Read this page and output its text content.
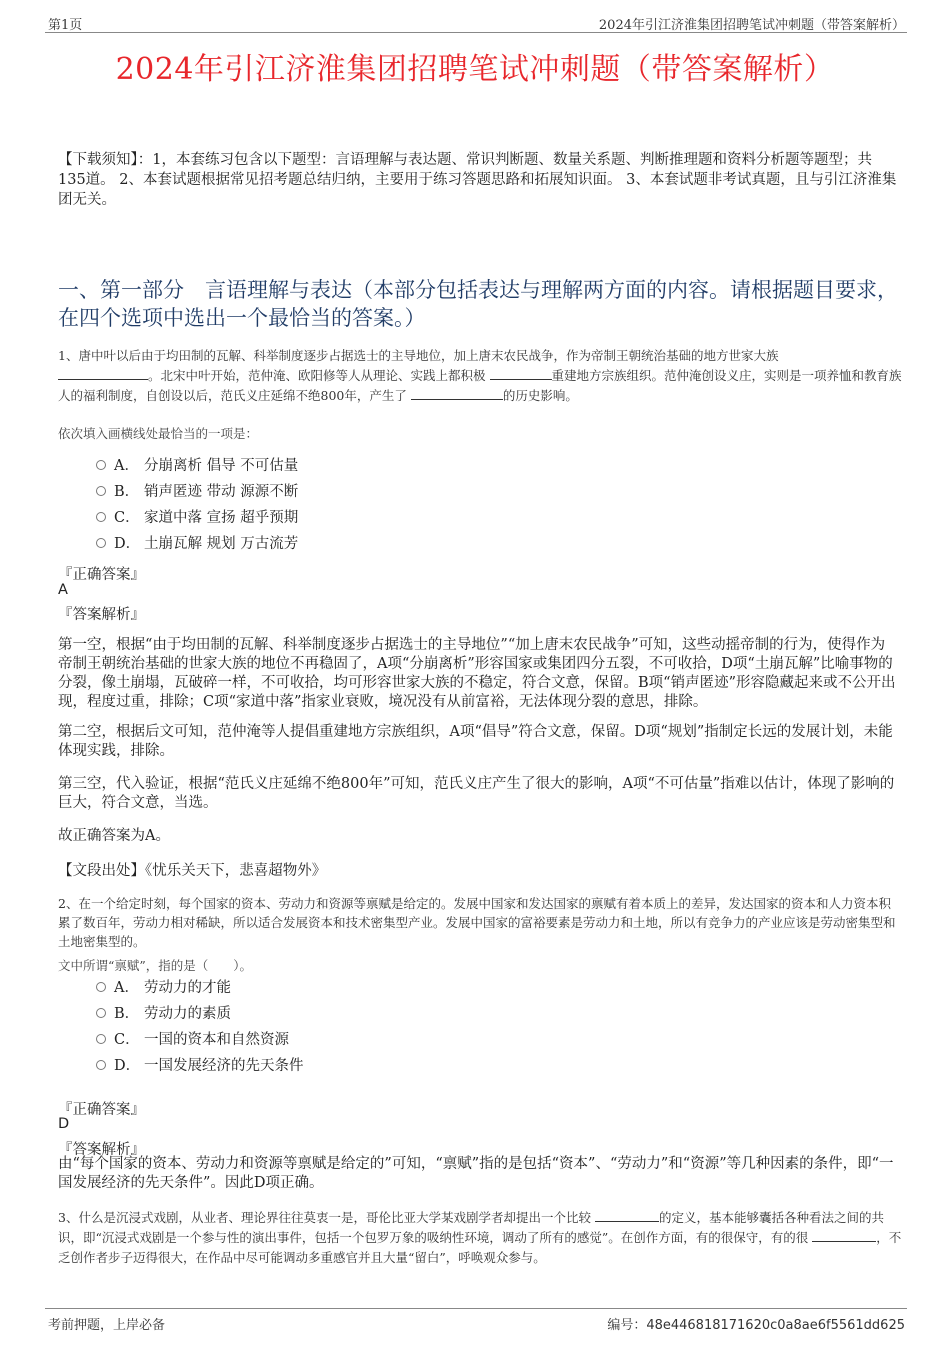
第1页	2024年引江济淮集团招聘笔试冲刺题（带答案解析）
2024年引江济淮集团招聘笔试冲刺题（带答案解析）
【下载须知】：1，本套练习包含以下题型：言语理解与表达题、常识判断题、数量关系题、判断推理题和资料分析题等题型；共135道。 2、本套试题根据常见招考题总结归纳，主要用于练习答题思路和拓展知识面。 3、本套试题非考试真题，且与引江济淮集团无关。
一、第一部分　言语理解与表达（本部分包括表达与理解两方面的内容。请根据题目要求，在四个选项中选出一个最恰当的答案。）
1、唐中叶以后由于均田制的瓦解、科举制度逐步占据选士的主导地位，加上唐末农民战争，作为帝制王朝统治基础的地方世家大族
。北宋中叶开始，范仲淹、欧阳修等人从理论、实践上都积极	重建地方宗族组织。范仲淹创设义庄，实则是一项养恤和教育族人的福利制度，自创设以后，范氏义庄延绵不绝800年，产生了	的历史影响。
依次填入画横线处最恰当的一项是：
A． 分崩离析 倡导 不可估量
B． 销声匿迹 带动 源源不断
C． 家道中落 宣扬 超乎预期
D． 土崩瓦解 规划 万古流芳
『正确答案』
A
『答案解析』
第一空，根据“由于均田制的瓦解、科举制度逐步占据选士的主导地位”“加上唐末农民战争”可知，这些动摇帝制的行为，使得作为帝制王朝统治基础的世家大族的地位不再稳固了，A项“分崩离析”形容国家或集团四分五裂，不可收拾，D项“土崩瓦解”比喻事物的分裂，像土崩塌，瓦破碎一样，不可收拾，均可形容世家大族的不稳定，符合文意，保留。B项“销声匿迹”形容隐藏起来或不公开出现，程度过重，排除；C项“家道中落”指家业衰败，境况没有从前富裕，无法体现分裂的意思，排除。
第二空，根据后文可知，范仲淹等人提倡重建地方宗族组织，A项“倡导”符合文意，保留。D项“规划”指制定长远的发展计划，未能体现实践，排除。
第三空，代入验证，根据“范氏义庄延绵不绝800年”可知，范氏义庄产生了很大的影响，A项“不可估量”指难以估计，体现了影响的巨大，符合文意，当选。
故正确答案为A。
【文段出处】《忧乐关天下，悲喜超物外》
2、在一个给定时刻，每个国家的资本、劳动力和资源等禀赋是给定的。发展中国家和发达国家的禀赋有着本质上的差异，发达国家的资本和人力资本积累了数百年，劳动力相对稀缺，所以适合发展资本和技术密集型产业。发展中国家的富裕要素是劳动力和土地，所以有竞争力的产业应该是劳动密集型和土地密集型的。
文中所谓“禀赋”，指的是（　　）。
A． 劳动力的才能
B． 劳动力的素质
C． 一国的资本和自然资源
D． 一国发展经济的先天条件
『正确答案』
D
『答案解析』
由“每个国家的资本、劳动力和资源等禀赋是给定的”可知，“禀赋”指的是包括“资本”、“劳动力”和“资源”等几种因素的条件，即“一国发展经济的先天条件”。因此D项正确。
3、什么是沉浸式戏剧，从业者、理论界往往莫衷一是，哥伦比亚大学某戏剧学者却提出一个比较	的定义，基本能够囊括各种看法之间的共识，即“沉浸式戏剧是一个参与性的演出事件，包括一个包罗万象的吸纳性环境，调动了所有的感觉”。在创作方面，有的很保守，有的很	，不乏创作者步子迈得很大，在作品中尽可能调动多重感官并且大量“留白”，呼唤观众参与。
考前押题，上岸必备	编号：48e446818171620c0a8ae6f5561dd625
